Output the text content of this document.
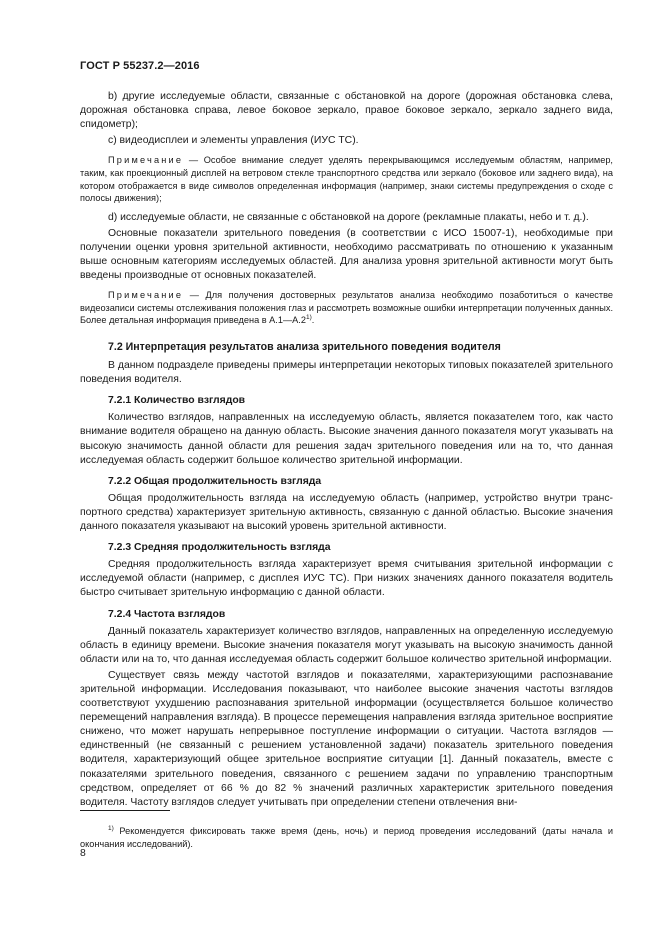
ГОСТ Р 55237.2—2016

b) другие исследуемые области, связанные с обстановкой на дороге (дорожная обстановка слева, дорожная обстановка справа, левое боковое зеркало, правое боковое зеркало, зеркало заднего вида, спидометр);

c) видеодисплеи и элементы управления (ИУС ТС).

Примечание — Особое внимание следует уделять перекрывающимся исследуемым областям, например, таким, как проекционный дисплей на ветровом стекле транспортного средства или зеркало (боковое или заднего вида), на котором отображается в виде символов определенная информация (например, знаки системы предупреждения о сходе с полосы движения);

d) исследуемые области, не связанные с обстановкой на дороге (рекламные плакаты, небо и т. д.).

Основные показатели зрительного поведения (в соответствии с ИСО 15007-1), необходимые при получении оценки уровня зрительной активности, необходимо рассматривать по отношению к указанным выше основным категориям исследуемых областей. Для анализа уровня зрительной активности могут быть введены производные от основных показателей.

Примечание — Для получения достоверных результатов анализа необходимо позаботиться о качестве видеозаписи системы отслеживания положения глаз и рассмотреть возможные ошибки интерпретации полученных данных. Более детальная информация приведена в А.1—А.2$^{1)}$.

7.2 Интерпретация результатов анализа зрительного поведения водителя

В данном подразделе приведены примеры интерпретации некоторых типовых показателей зрительного поведения водителя.

7.2.1 Количество взглядов

Количество взглядов, направленных на исследуемую область, является показателем того, как часто внимание водителя обращено на данную область. Высокие значения данного показателя могут указывать на высокую значимость данной области для решения задач зрительного поведения или на то, что данная исследуемая область содержит большое количество зрительной информации.

7.2.2 Общая продолжительность взгляда

Общая продолжительность взгляда на исследуемую область (например, устройство внутри транспортного средства) характеризует зрительную активность, связанную с данной областью. Высокие значения данного показателя указывают на высокий уровень зрительной активности.

7.2.3 Средняя продолжительность взгляда

Средняя продолжительность взгляда характеризует время считывания зрительной информации с исследуемой области (например, с дисплея ИУС ТС). При низких значениях данного показателя водитель быстро считывает зрительную информацию с данной области.

7.2.4 Частота взглядов

Данный показатель характеризует количество взглядов, направленных на определенную исследуемую область в единицу времени. Высокие значения показателя могут указывать на высокую значимость данной области или на то, что данная исследуемая область содержит большое количество зрительной информации.

Существует связь между частотой взглядов и показателями, характеризующими распознавание зрительной информации. Исследования показывают, что наиболее высокие значения частоты взглядов соответствуют ухудшению распознавания зрительной информации (осуществляется большое количество перемещений направления взгляда). В процессе перемещения направления взгляда зрительное восприятие снижено, что может нарушать непрерывное поступление информации о ситуации. Частота взглядов — единственный (не связанный с решением установленной задачи) показатель зрительного поведения водителя, характеризующий общее зрительное восприятие ситуации [1]. Данный показатель, вместе с показателями зрительного поведения, связанного с решением задачи по управлению транспортным средством, определяет от 66 % до 82 % значений различных характеристик зрительного поведения водителя. Частоту взглядов следует учитывать при определении степени отвлечения вни-

$^{1)}$ Рекомендуется фиксировать также время (день, ночь) и период проведения исследований (даты начала и окончания исследований).

8
